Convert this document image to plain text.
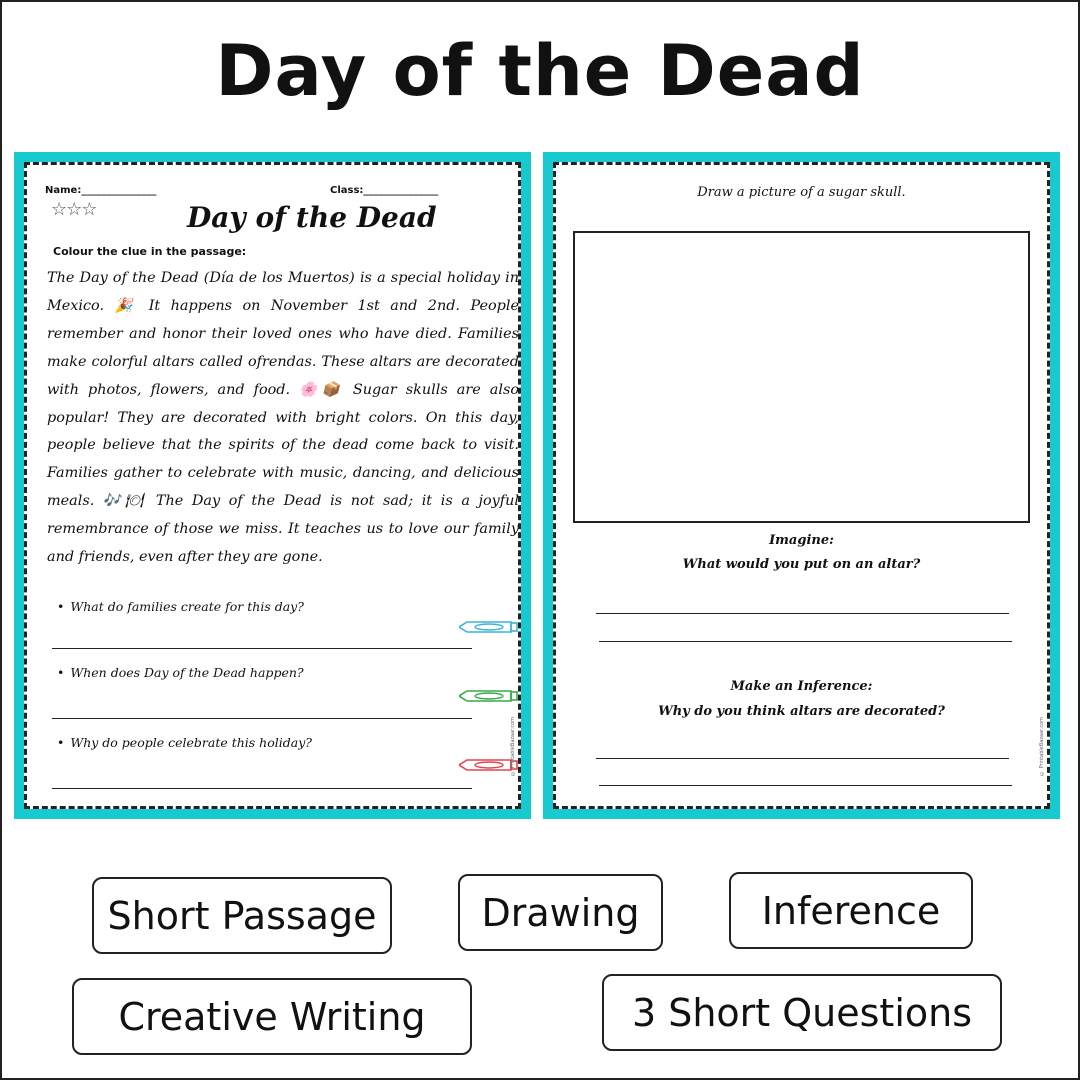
Day of the Dead
Name:_______________	Class:_______________
☆☆☆	Day of the Dead
Colour the clue in the passage:
The Day of the Dead (Día de los Muertos) is a special holiday in Mexico. 🎉 It happens on November 1st and 2nd. People remember and honor their loved ones who have died. Families make colorful altars called ofrendas. These altars are decorated with photos, flowers, and food. 🌸📦 Sugar skulls are also popular! They are decorated with bright colors. On this day, people believe that the spirits of the dead come back to visit. Families gather to celebrate with music, dancing, and delicious meals. 🎶🍽 The Day of the Dead is not sad; it is a joyful remembrance of those we miss. It teaches us to love our family and friends, even after they are gone.
• What do families create for this day?
• When does Day of the Dead happen?
• Why do people celebrate this holiday?	© PrintableBazaar.com
Draw a picture of a sugar skull.
Imagine:
What would you put on an altar?
Make an Inference:
Why do you think altars are decorated?
© PrintableBazaar.com
Short Passage	Drawing	Inference
Creative Writing	3 Short Questions
